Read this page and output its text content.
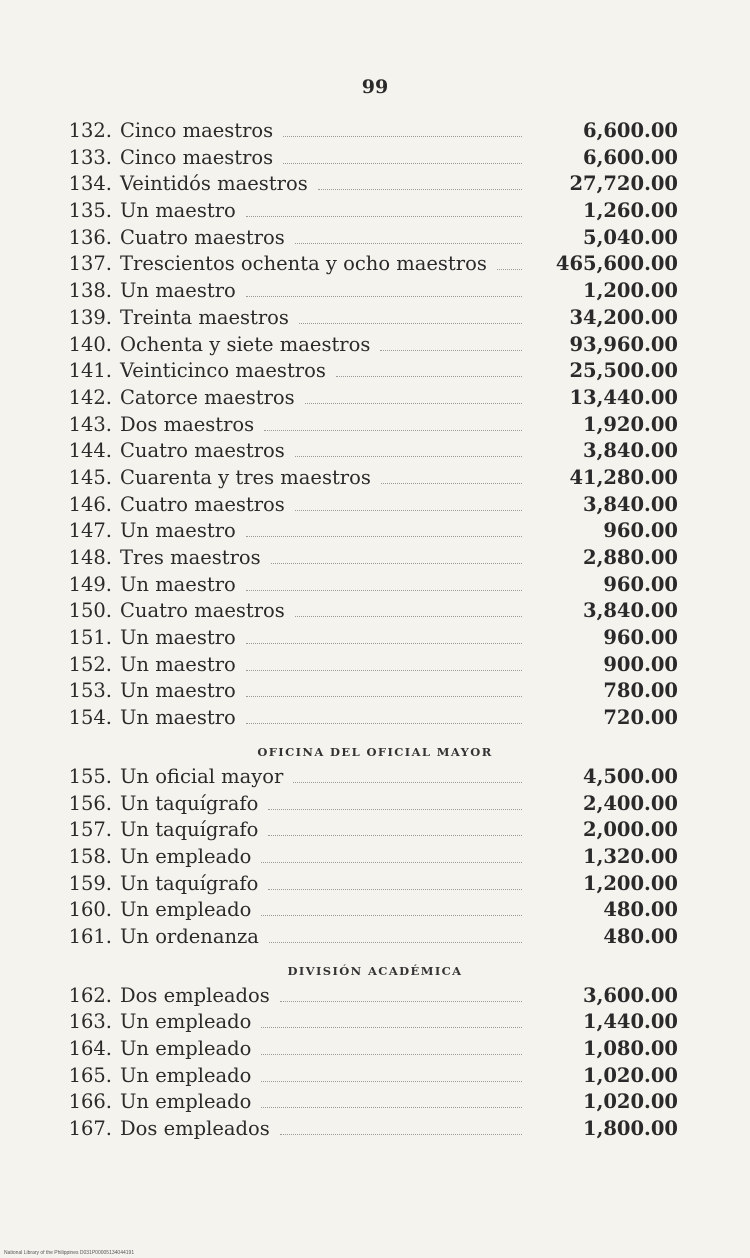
99
132. Cinco maestros	6,600.00
133. Cinco maestros	6,600.00
134. Veintidós maestros	27,720.00
135. Un maestro	1,260.00
136. Cuatro maestros	5,040.00
137. Trescientos ochenta y ocho maestros	465,600.00
138. Un maestro	1,200.00
139. Treinta maestros	34,200.00
140. Ochenta y siete maestros	93,960.00
141. Veinticinco maestros	25,500.00
142. Catorce maestros	13,440.00
143. Dos maestros	1,920.00
144. Cuatro maestros	3,840.00
145. Cuarenta y tres maestros	41,280.00
146. Cuatro maestros	3,840.00
147. Un maestro	960.00
148. Tres maestros	2,880.00
149. Un maestro	960.00
150. Cuatro maestros	3,840.00
151. Un maestro	960.00
152. Un maestro	900.00
153. Un maestro	780.00
154. Un maestro	720.00
OFICINA DEL OFICIAL MAYOR
155. Un oficial mayor	4,500.00
156. Un taquígrafo	2,400.00
157. Un taquígrafo	2,000.00
158. Un empleado	1,320.00
159. Un taquígrafo	1,200.00
160. Un empleado	480.00
161. Un ordenanza	480.00
DIVISIÓN ACADÉMICA
162. Dos empleados	3,600.00
163. Un empleado	1,440.00
164. Un empleado	1,080.00
165. Un empleado	1,020.00
166. Un empleado	1,020.00
167. Dos empleados	1,800.00
National Library of the Philippines D031P00005134044191
